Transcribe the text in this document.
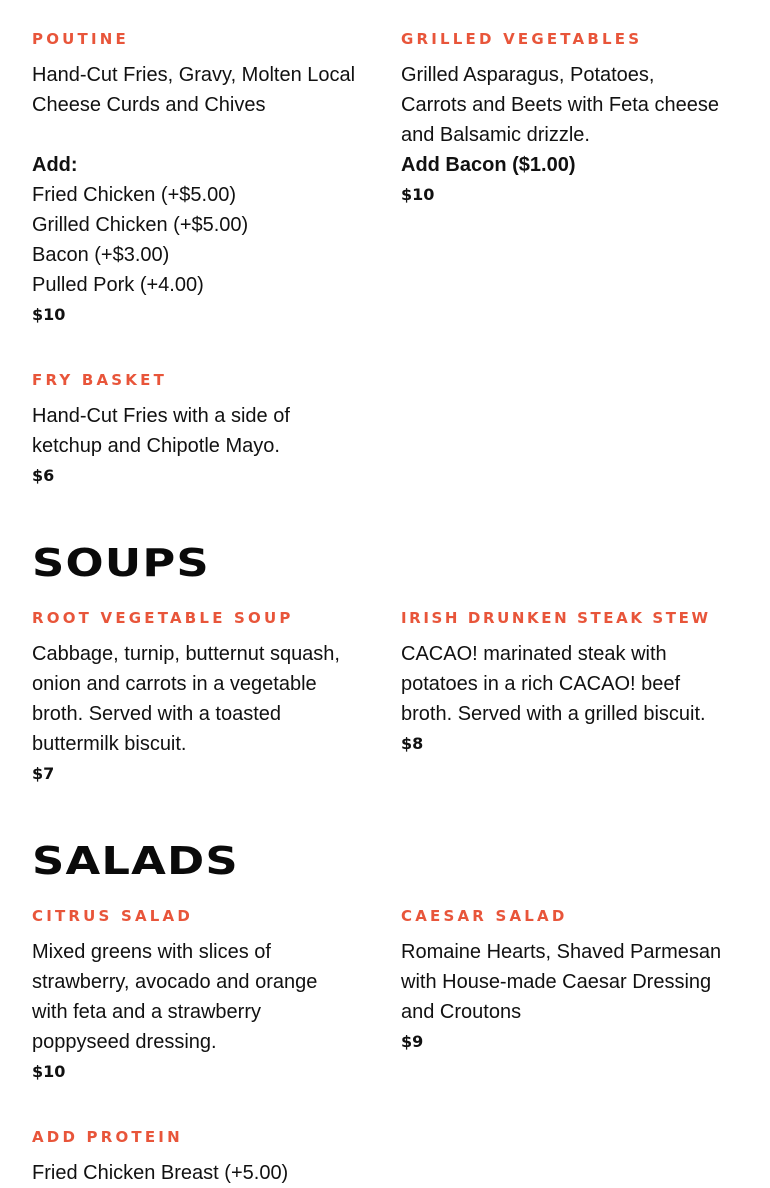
POUTINE
Hand-Cut Fries, Gravy, Molten Local
Cheese Curds and Chives
Add:
Fried Chicken (+$5.00)
Grilled Chicken (+$5.00)
Bacon (+$3.00)
Pulled Pork (+4.00)
$10
GRILLED VEGETABLES
Grilled Asparagus, Potatoes,
Carrots and Beets with Feta cheese
and Balsamic drizzle.
Add Bacon ($1.00)
$10
FRY BASKET
Hand-Cut Fries with a side of
ketchup and Chipotle Mayo.
$6
SOUPS
ROOT VEGETABLE SOUP
Cabbage, turnip, butternut squash,
onion and carrots in a vegetable
broth. Served with a toasted
buttermilk biscuit.
$7
IRISH DRUNKEN STEAK STEW
CACAO! marinated steak with
potatoes in a rich CACAO! beef
broth. Served with a grilled biscuit.
$8
SALADS
CITRUS SALAD
Mixed greens with slices of
strawberry, avocado and orange
with feta and a strawberry
poppyseed dressing.
$10
CAESAR SALAD
Romaine Hearts, Shaved Parmesan
with House-made Caesar Dressing
and Croutons
$9
ADD PROTEIN
Fried Chicken Breast (+5.00)
